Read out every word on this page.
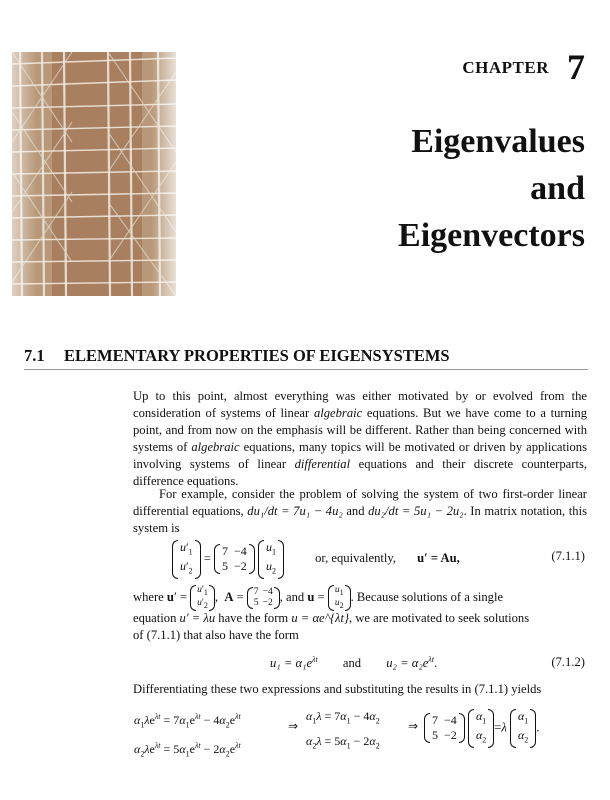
CHAPTER 7
Eigenvalues
and
Eigenvectors
7.1 ELEMENTARY PROPERTIES OF EIGENSYSTEMS
Up to this point, almost everything was either motivated by or evolved from the consideration of systems of linear algebraic equations. But we have come to a turning point, and from now on the emphasis will be different. Rather than being concerned with systems of algebraic equations, many topics will be motivated or driven by applications involving systems of linear differential equations and their discrete counterparts, difference equations.
For example, consider the problem of solving the system of two first-order linear differential equations, du₁/dt = 7u₁ − 4u₂ and du₂/dt = 5u₁ − 2u₂. In matrix notation, this system is
$u'_1$
$u'_2$
= 7	−4
5	−2

$u_1$
$u_2$
or, equivalently, u′ = Au,	(7.1.1)
where $u' = u'_1$
$u'_2$
,  A = 7	−4
5	−2 , and $u = u_1$
$u_2$
. Because solutions of a single
equation u′ = λu have the form u = αe^{λt}, we are motivated to seek solutions
of (7.1.1) that also have the form
$u_1 = \alpha_1e^{\lambda t}$ and $u_2 = \alpha_2e^{\lambda t}$.	(7.1.2)
Differentiating these two expressions and substituting the results in (7.1.1) yields
$\alpha_1\lambda e^{\lambda t} = 7\alpha_1e^{\lambda t} - 4\alpha_2e^{\lambda t}$
$\alpha_2\lambda e^{\lambda t} = 5\alpha_1e^{\lambda t} - 2\alpha_2e^{\lambda t}$
⇒
$\alpha_1\lambda = 7\alpha_1 - 4\alpha_2$
$\alpha_2\lambda = 5\alpha_1 - 2\alpha_2$
⇒ 7	−4
5	−2

$\alpha_1$
$\alpha_2$
=λ
$\alpha_1$
$\alpha_2$
.
